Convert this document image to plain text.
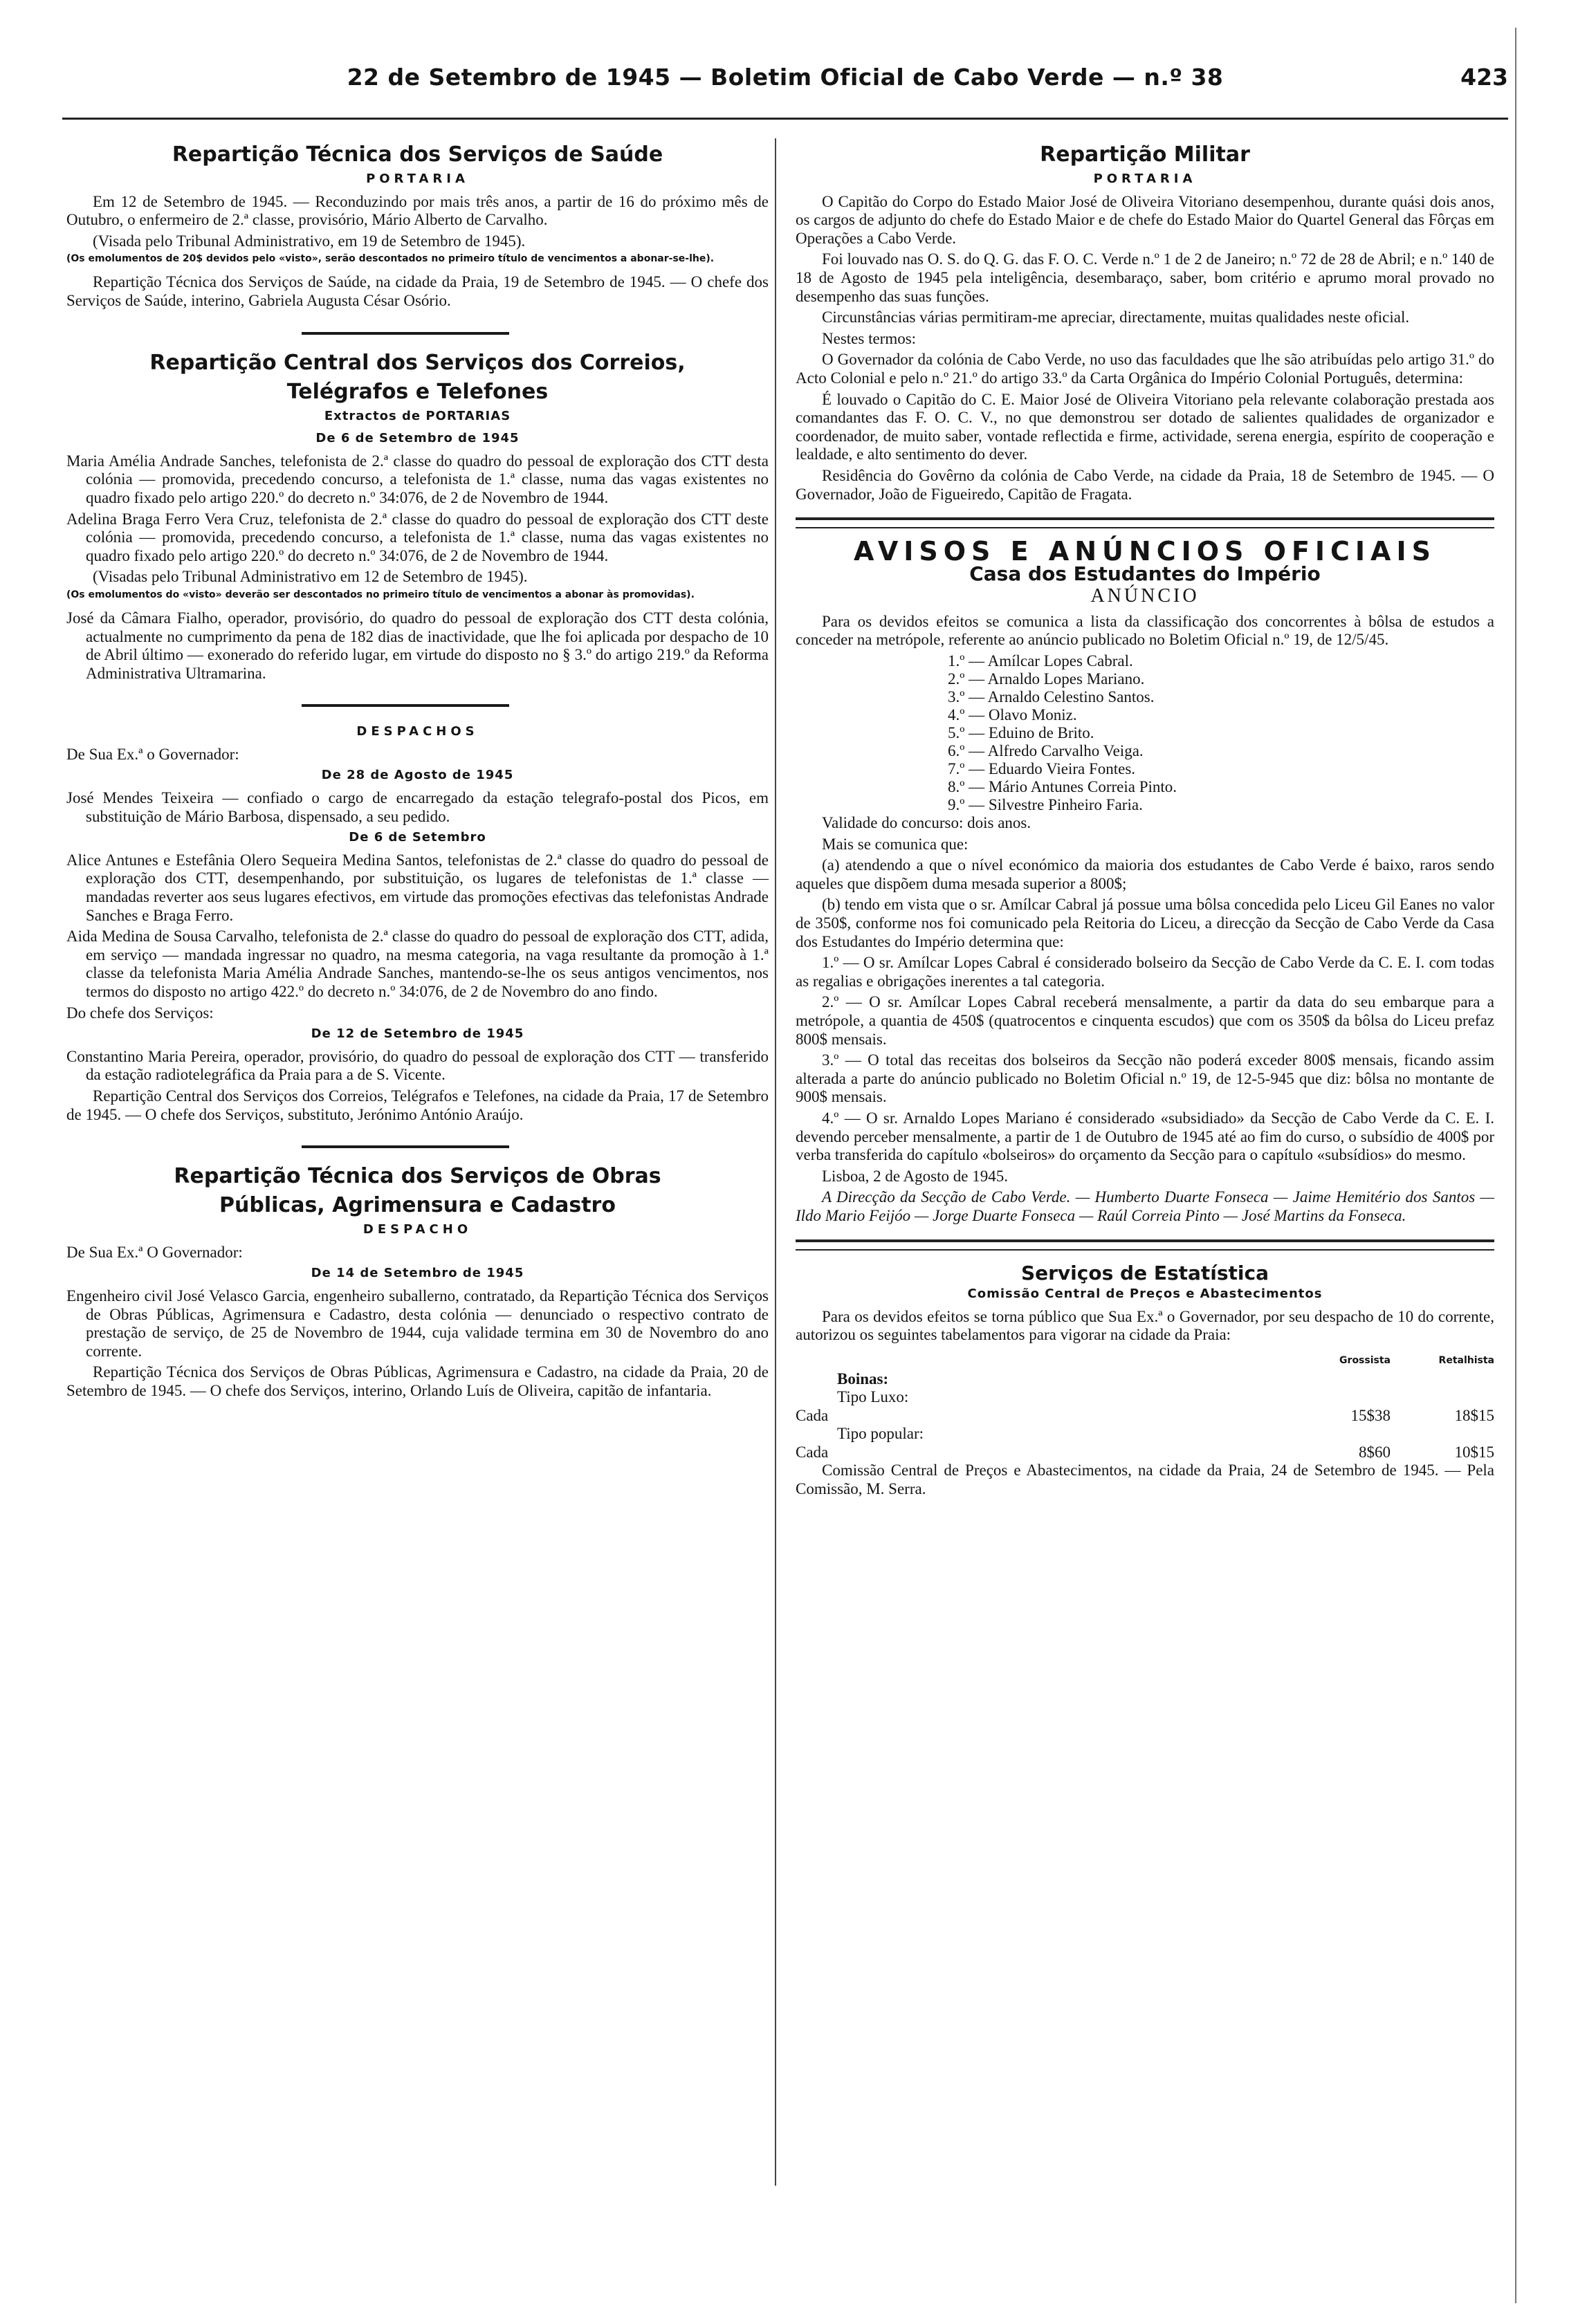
22 de Setembro de 1945 — Boletim Oficial de Cabo Verde — n.º 38	423
Repartição Técnica dos Serviços de Saúde
PORTARIA

Em 12 de Setembro de 1945. — Reconduzindo por mais três anos, a partir de 16 do próximo mês de Outubro, o enfermeiro de 2.ª classe, provisório, Mário Alberto de Carvalho.

(Visada pelo Tribunal Administrativo, em 19 de Setembro de 1945).

(Os emolumentos de 20$ devidos pelo «visto», serão descontados no primeiro título de vencimentos a abonar-se-lhe).

Repartição Técnica dos Serviços de Saúde, na cidade da Praia, 19 de Setembro de 1945. — O chefe dos Serviços de Saúde, interino, Gabriela Augusta César Osório.

Repartição Central dos Serviços dos Correios,
Telégrafos e Telefones
Extractos de PORTARIAS
De 6 de Setembro de 1945

Maria Amélia Andrade Sanches, telefonista de 2.ª classe do quadro do pessoal de exploração dos CTT desta colónia — promovida, precedendo concurso, a telefonista de 1.ª classe, numa das vagas existentes no quadro fixado pelo artigo 220.º do decreto n.º 34:076, de 2 de Novembro de 1944.

Adelina Braga Ferro Vera Cruz, telefonista de 2.ª classe do quadro do pessoal de exploração dos CTT deste colónia — promovida, precedendo concurso, a telefonista de 1.ª classe, numa das vagas existentes no quadro fixado pelo artigo 220.º do decreto n.º 34:076, de 2 de Novembro de 1944.

(Visadas pelo Tribunal Administrativo em 12 de Setembro de 1945).

(Os emolumentos do «visto» deverão ser descontados no primeiro título de vencimentos a abonar às promovidas).

José da Câmara Fialho, operador, provisório, do quadro do pessoal de exploração dos CTT desta colónia, actualmente no cumprimento da pena de 182 dias de inactividade, que lhe foi aplicada por despacho de 10 de Abril último — exonerado do referido lugar, em virtude do disposto no § 3.º do artigo 219.º da Reforma Administrativa Ultramarina.

DESPACHOS

De Sua Ex.ª o Governador:

De 28 de Agosto de 1945

José Mendes Teixeira — confiado o cargo de encarregado da estação telegrafo-postal dos Picos, em substituição de Mário Barbosa, dispensado, a seu pedido.

De 6 de Setembro

Alice Antunes e Estefânia Olero Sequeira Medina Santos, telefonistas de 2.ª classe do quadro do pessoal de exploração dos CTT, desempenhando, por substituição, os lugares de telefonistas de 1.ª classe — mandadas reverter aos seus lugares efectivos, em virtude das promoções efectivas das telefonistas Andrade Sanches e Braga Ferro.

Aida Medina de Sousa Carvalho, telefonista de 2.ª classe do quadro do pessoal de exploração dos CTT, adida, em serviço — mandada ingressar no quadro, na mesma categoria, na vaga resultante da promoção à 1.ª classe da telefonista Maria Amélia Andrade Sanches, mantendo-se-lhe os seus antigos vencimentos, nos termos do disposto no artigo 422.º do decreto n.º 34:076, de 2 de Novembro do ano findo.

Do chefe dos Serviços:

De 12 de Setembro de 1945

Constantino Maria Pereira, operador, provisório, do quadro do pessoal de exploração dos CTT — transferido da estação radiotelegráfica da Praia para a de S. Vicente.

Repartição Central dos Serviços dos Correios, Telégrafos e Telefones, na cidade da Praia, 17 de Setembro de 1945. — O chefe dos Serviços, substituto, Jerónimo António Araújo.

Repartição Técnica dos Serviços de Obras
Públicas, Agrimensura e Cadastro
DESPACHO

De Sua Ex.ª O Governador:

De 14 de Setembro de 1945

Engenheiro civil José Velasco Garcia, engenheiro suballerno, contratado, da Repartição Técnica dos Serviços de Obras Públicas, Agrimensura e Cadastro, desta colónia — denunciado o respectivo contrato de prestação de serviço, de 25 de Novembro de 1944, cuja validade termina em 30 de Novembro do ano corrente.

Repartição Técnica dos Serviços de Obras Públicas, Agrimensura e Cadastro, na cidade da Praia, 20 de Setembro de 1945. — O chefe dos Serviços, interino, Orlando Luís de Oliveira, capitão de infantaria.

Repartição Militar
PORTARIA

O Capitão do Corpo do Estado Maior José de Oliveira Vitoriano desempenhou, durante quási dois anos, os cargos de adjunto do chefe do Estado Maior e de chefe do Estado Maior do Quartel General das Fôrças em Operações a Cabo Verde.

Foi louvado nas O. S. do Q. G. das F. O. C. Verde n.º 1 de 2 de Janeiro; n.º 72 de 28 de Abril; e n.º 140 de 18 de Agosto de 1945 pela inteligência, desembaraço, saber, bom critério e aprumo moral provado no desempenho das suas funções.

Circunstâncias várias permitiram-me apreciar, directamente, muitas qualidades neste oficial.

Nestes termos:

O Governador da colónia de Cabo Verde, no uso das faculdades que lhe são atribuídas pelo artigo 31.º do Acto Colonial e pelo n.º 21.º do artigo 33.º da Carta Orgânica do Império Colonial Português, determina:

É louvado o Capitão do C. E. Maior José de Oliveira Vitoriano pela relevante colaboração prestada aos comandantes das F. O. C. V., no que demonstrou ser dotado de salientes qualidades de organizador e coordenador, de muito saber, vontade reflectida e firme, actividade, serena energia, espírito de cooperação e lealdade, e alto sentimento do dever.

Residência do Govêrno da colónia de Cabo Verde, na cidade da Praia, 18 de Setembro de 1945. — O Governador, João de Figueiredo, Capitão de Fragata.

AVISOS E ANÚNCIOS OFICIAIS
Casa dos Estudantes do Império
ANÚNCIO

Para os devidos efeitos se comunica a lista da classificação dos concorrentes à bôlsa de estudos a conceder na metrópole, referente ao anúncio publicado no Boletim Oficial n.º 19, de 12/5/45.

1.º — Amílcar Lopes Cabral.
2.º — Arnaldo Lopes Mariano.
3.º — Arnaldo Celestino Santos.
4.º — Olavo Moniz.
5.º — Eduino de Brito.
6.º — Alfredo Carvalho Veiga.
7.º — Eduardo Vieira Fontes.
8.º — Mário Antunes Correia Pinto.
9.º — Silvestre Pinheiro Faria.

Validade do concurso: dois anos.

Mais se comunica que:

(a) atendendo a que o nível económico da maioria dos estudantes de Cabo Verde é baixo, raros sendo aqueles que dispõem duma mesada superior a 800$;

(b) tendo em vista que o sr. Amílcar Cabral já possue uma bôlsa concedida pelo Liceu Gil Eanes no valor de 350$, conforme nos foi comunicado pela Reitoria do Liceu, a direcção da Secção de Cabo Verde da Casa dos Estudantes do Império determina que:

1.º — O sr. Amílcar Lopes Cabral é considerado bolseiro da Secção de Cabo Verde da C. E. I. com todas as regalias e obrigações inerentes a tal categoria.

2.º — O sr. Amílcar Lopes Cabral receberá mensalmente, a partir da data do seu embarque para a metrópole, a quantia de 450$ (quatrocentos e cinquenta escudos) que com os 350$ da bôlsa do Liceu prefaz 800$ mensais.

3.º — O total das receitas dos bolseiros da Secção não poderá exceder 800$ mensais, ficando assim alterada a parte do anúncio publicado no Boletim Oficial n.º 19, de 12-5-945 que diz: bôlsa no montante de 900$ mensais.

4.º — O sr. Arnaldo Lopes Mariano é considerado «subsidiado» da Secção de Cabo Verde da C. E. I. devendo perceber mensalmente, a partir de 1 de Outubro de 1945 até ao fim do curso, o subsídio de 400$ por verba transferida do capítulo «bolseiros» do orçamento da Secção para o capítulo «subsídios» do mesmo.

Lisboa, 2 de Agosto de 1945.

A Direcção da Secção de Cabo Verde. — Humberto Duarte Fonseca — Jaime Hemitério dos Santos — Ildo Mario Feijóo — Jorge Duarte Fonseca — Raúl Correia Pinto — José Martins da Fonseca.

Serviços de Estatística
Comissão Central de Preços e Abastecimentos

Para os devidos efeitos se torna público que Sua Ex.ª o Governador, por seu despacho de 10 do corrente, autorizou os seguintes tabelamentos para vigorar na cidade da Praia:

Grossista	Retalhista
Boinas:
Tipo Luxo:
Cada	15$38	18$15
Tipo popular:
Cada	8$60	10$15

Comissão Central de Preços e Abastecimentos, na cidade da Praia, 24 de Setembro de 1945. — Pela Comissão, M. Serra.
